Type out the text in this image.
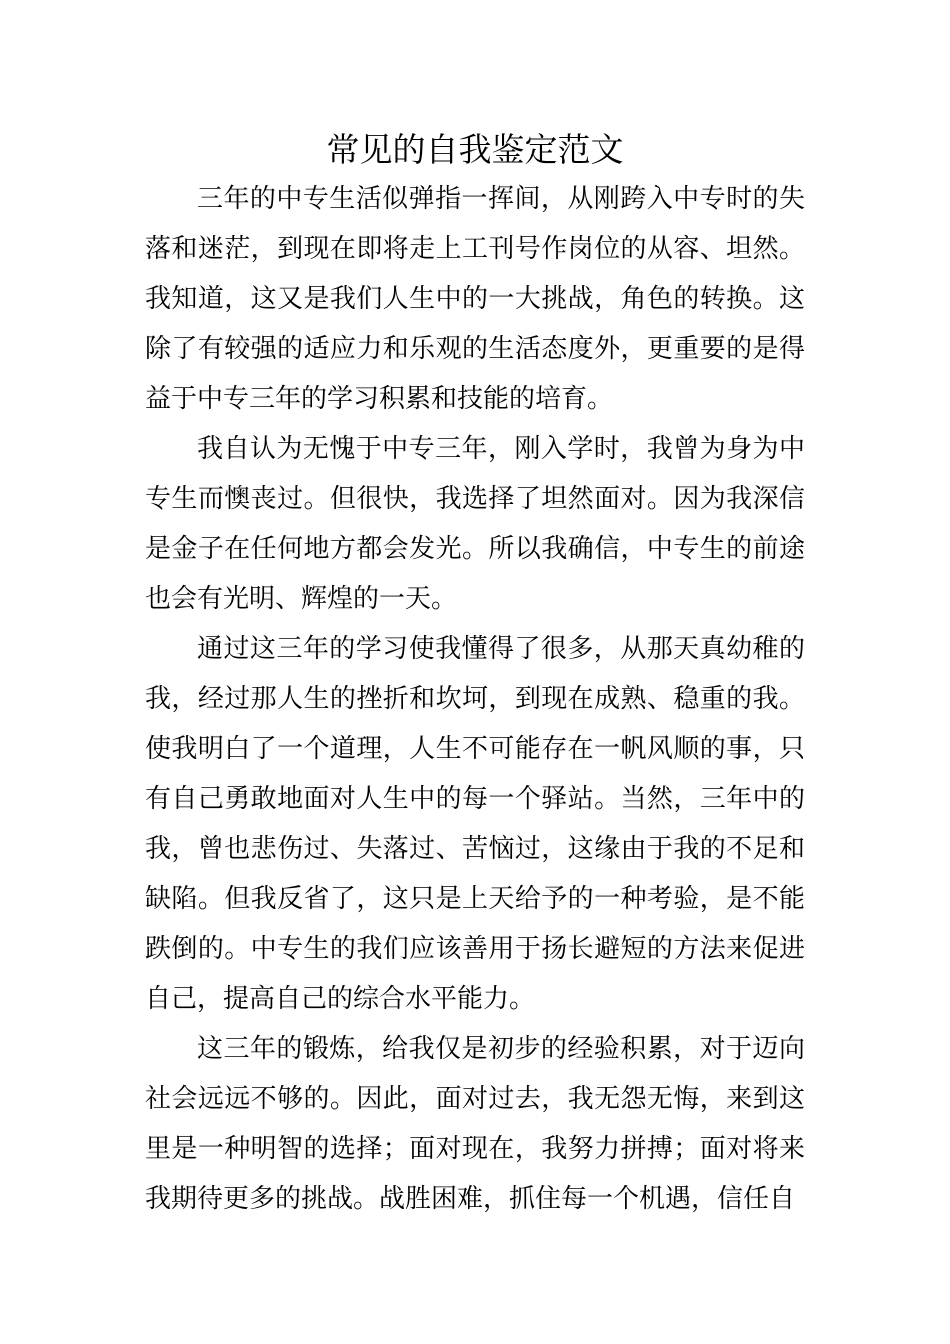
常见的自我鉴定范文

三年的中专生活似弹指一挥间，从刚跨入中专时的失落和迷茫，到现在即将走上工刊号作岗位的从容、坦然。我知道，这又是我们人生中的一大挑战，角色的转换。这除了有较强的适应力和乐观的生活态度外，更重要的是得益于中专三年的学习积累和技能的培育。

我自认为无愧于中专三年，刚入学时，我曾为身为中专生而懊丧过。但很快，我选择了坦然面对。因为我深信是金子在任何地方都会发光。所以我确信，中专生的前途也会有光明、辉煌的一天。

通过这三年的学习使我懂得了很多，从那天真幼稚的我，经过那人生的挫折和坎坷，到现在成熟、稳重的我。使我明白了一个道理，人生不可能存在一帆风顺的事，只有自己勇敢地面对人生中的每一个驿站。当然，三年中的我，曾也悲伤过、失落过、苦恼过，这缘由于我的不足和缺陷。但我反省了，这只是上天给予的一种考验，是不能跌倒的。中专生的我们应该善用于扬长避短的方法来促进自己，提高自己的综合水平能力。

这三年的锻炼，给我仅是初步的经验积累，对于迈向社会远远不够的。因此，面对过去，我无怨无悔，来到这里是一种明智的选择；面对现在，我努力拼搏；面对将来我期待更多的挑战。战胜困难，抓住每一个机遇，信任自
